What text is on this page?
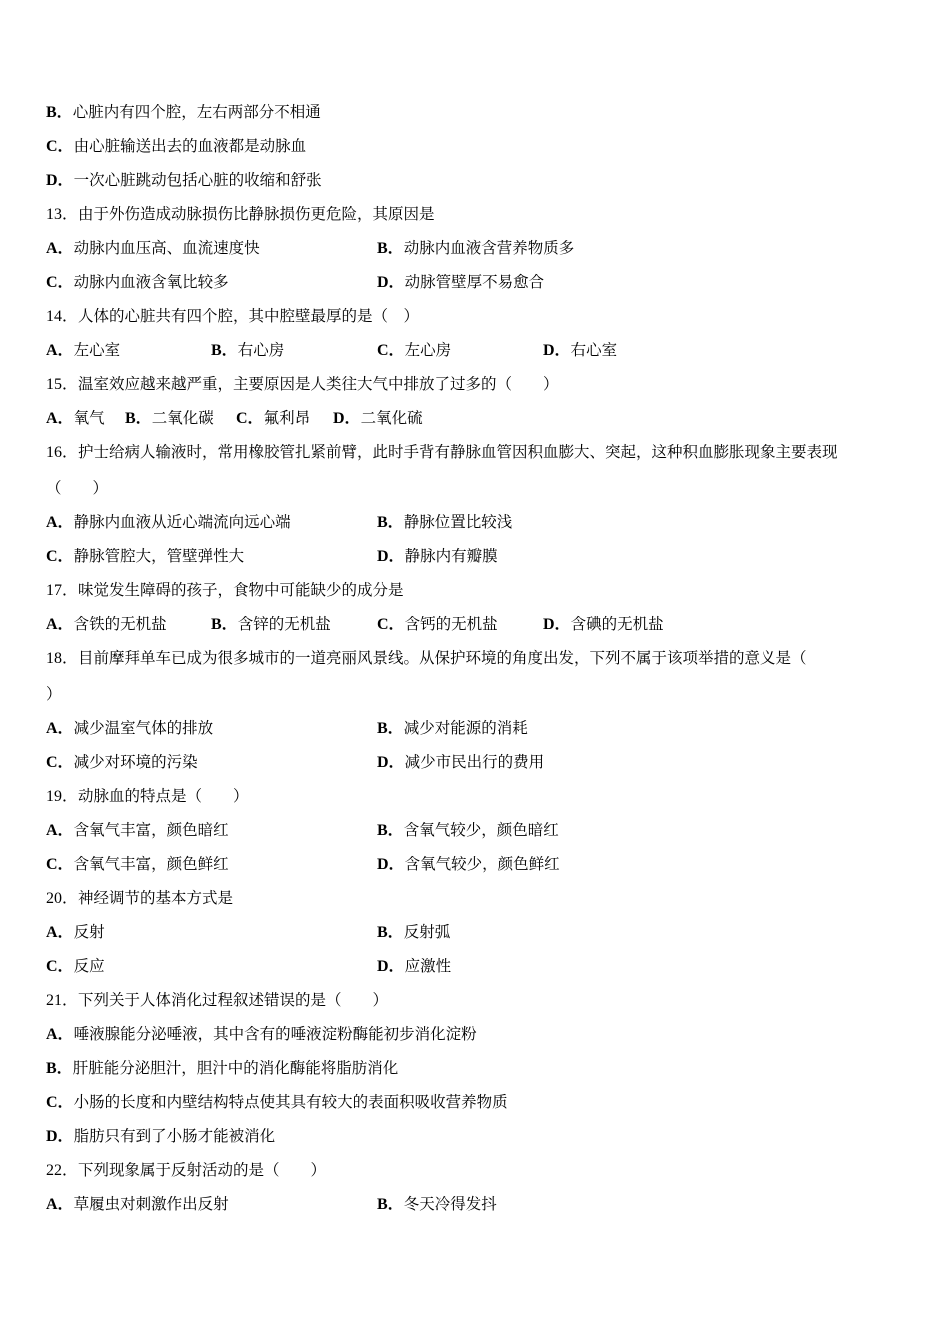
B．心脏内有四个腔，左右两部分不相通
C．由心脏输送出去的血液都是动脉血
D．一次心脏跳动包括心脏的收缩和舒张
13．由于外伤造成动脉损伤比静脉损伤更危险，其原因是
A．动脉内血压高、血流速度快	B．动脉内血液含营养物质多
C．动脉内血液含氧比较多	D．动脉管壁厚不易愈合
14．人体的心脏共有四个腔，其中腔壁最厚的是（　）
A．左心室	B．右心房	C．左心房	D．右心室
15．温室效应越来越严重，主要原因是人类往大气中排放了过多的（　　）
A．氧气 B．二氧化碳 C．氟利昂 D．二氧化硫
16．护士给病人输液时，常用橡胶管扎紧前臂，此时手背有静脉血管因积血膨大、突起，这种积血膨胀现象主要表现
（　　）
A．静脉内血液从近心端流向远心端	B．静脉位置比较浅
C．静脉管腔大，管壁弹性大	D．静脉内有瓣膜
17．味觉发生障碍的孩子，食物中可能缺少的成分是
A．含铁的无机盐	B．含锌的无机盐	C．含钙的无机盐	D．含碘的无机盐
18．目前摩拜单车已成为很多城市的一道亮丽风景线。从保护环境的角度出发，下列不属于该项举措的意义是（
）
A．减少温室气体的排放	B．减少对能源的消耗
C．减少对环境的污染	D．减少市民出行的费用
19．动脉血的特点是（　　）
A．含氧气丰富，颜色暗红	B．含氧气较少，颜色暗红
C．含氧气丰富，颜色鲜红	D．含氧气较少，颜色鲜红
20．神经调节的基本方式是
A．反射	B．反射弧
C．反应	D．应激性
21．下列关于人体消化过程叙述错误的是（　　）
A．唾液腺能分泌唾液，其中含有的唾液淀粉酶能初步消化淀粉
B．肝脏能分泌胆汁，胆汁中的消化酶能将脂肪消化
C．小肠的长度和内壁结构特点使其具有较大的表面积吸收营养物质
D．脂肪只有到了小肠才能被消化
22．下列现象属于反射活动的是（　　）
A．草履虫对刺激作出反射	B．冬天冷得发抖
